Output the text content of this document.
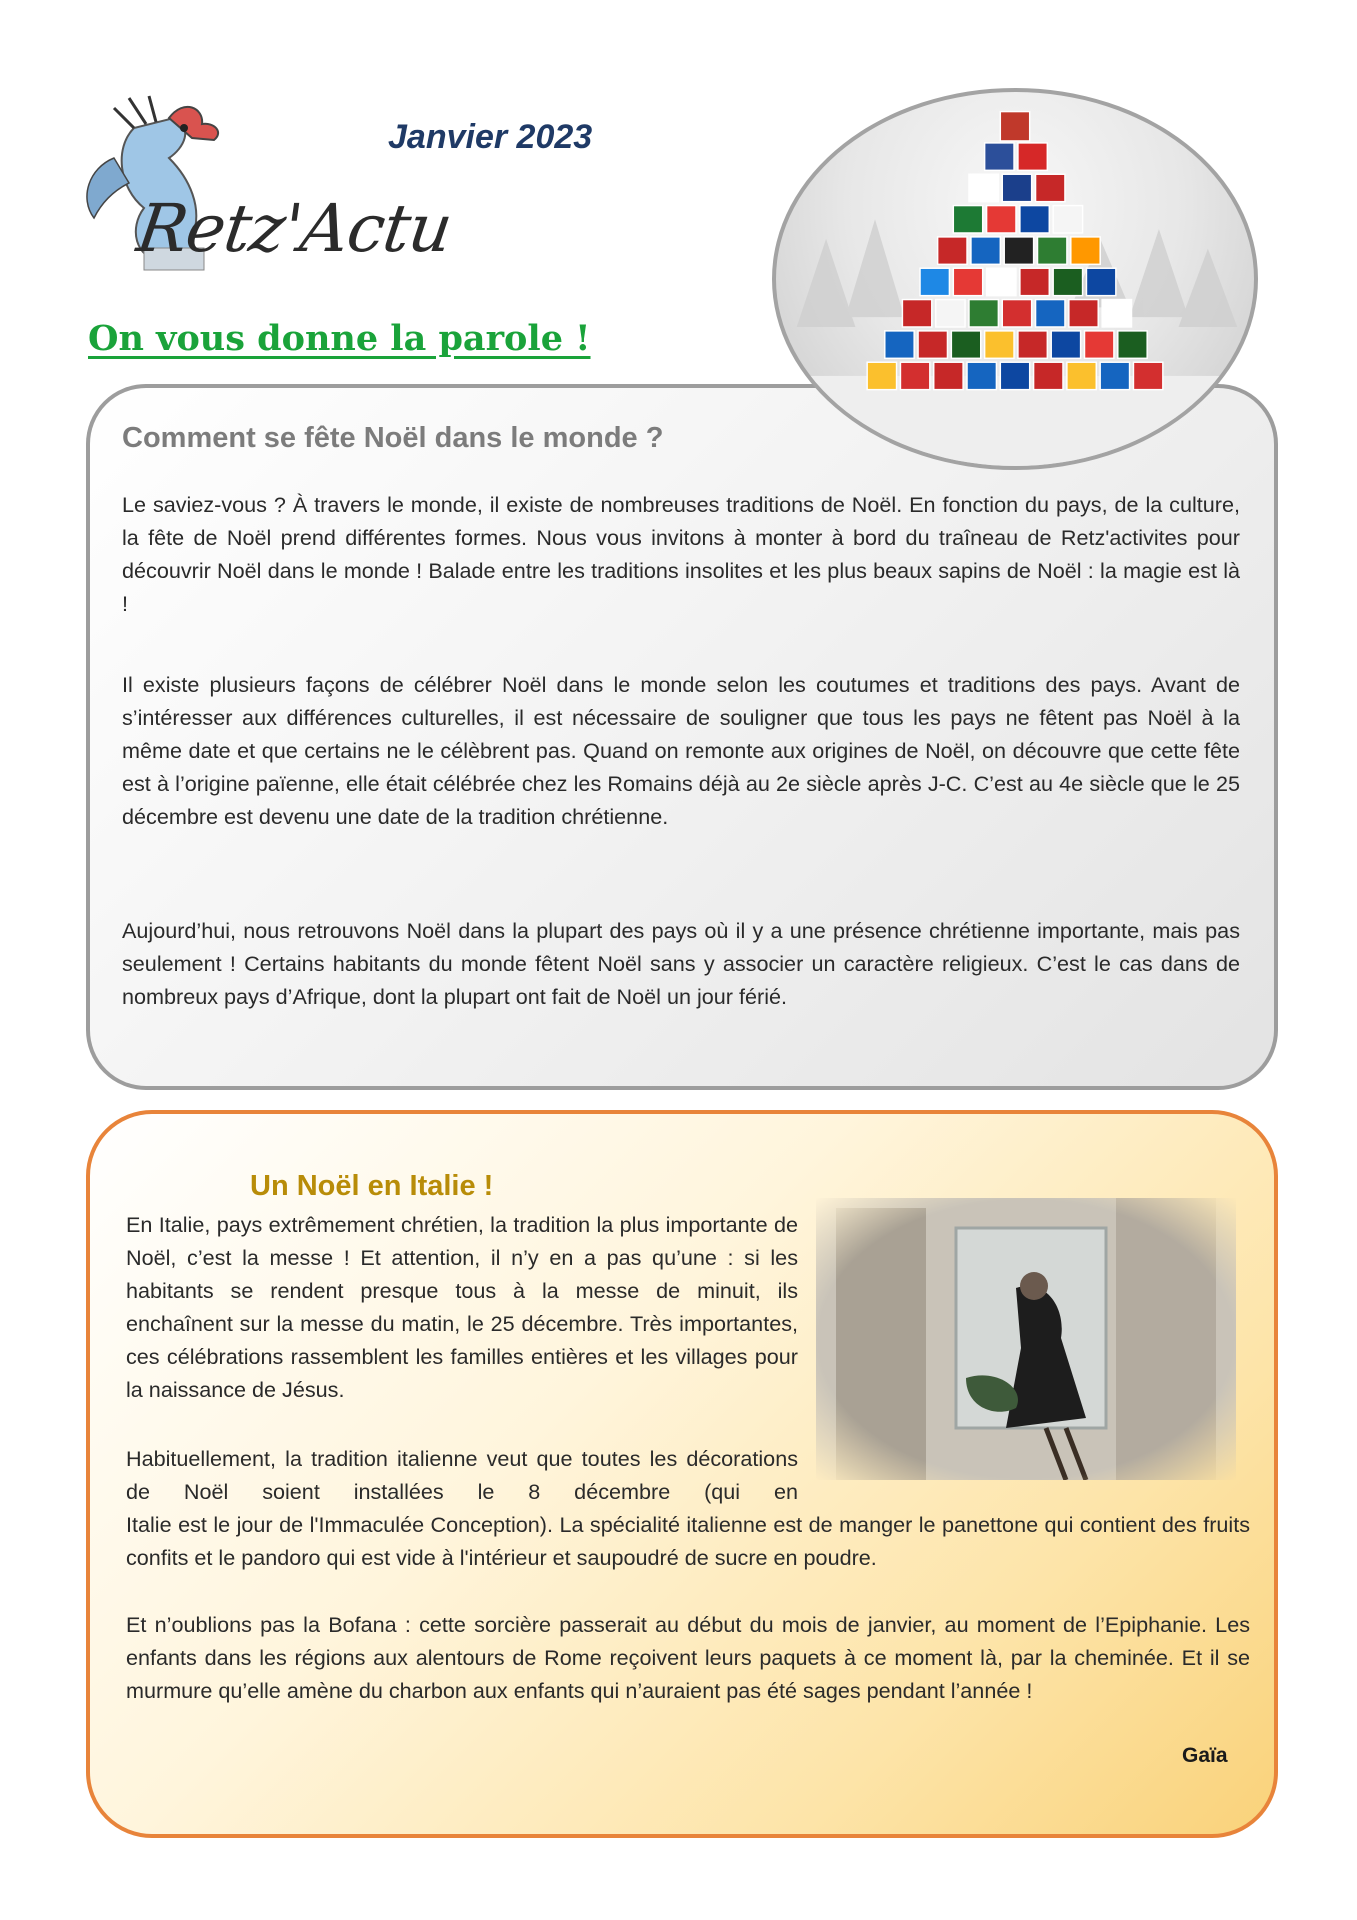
Retz'Actu
Janvier 2023
On vous donne la parole !
Comment se fête Noël dans le monde ?

Le saviez-vous ? À travers le monde, il existe de nombreuses traditions de Noël. En fonction du pays, de la culture, la fête de Noël prend différentes formes. Nous vous invitons à monter à bord du traîneau de Retz'activites pour découvrir Noël dans le monde ! Balade entre les traditions insolites et les plus beaux sapins de Noël : la magie est là !

Il existe plusieurs façons de célébrer Noël dans le monde selon les coutumes et traditions des pays. Avant de s’intéresser aux différences culturelles, il est nécessaire de souligner que tous les pays ne fêtent pas Noël à la même date et que certains ne le célèbrent pas. Quand on remonte aux origines de Noël, on découvre que cette fête est à l’origine païenne, elle était célébrée chez les Romains déjà au 2e siècle après J-C. C’est au 4e siècle que le 25 décembre est devenu une date de la tradition chrétienne.

Aujourd’hui, nous retrouvons Noël dans la plupart des pays où il y a une présence chrétienne importante, mais pas seulement ! Certains habitants du monde fêtent Noël sans y associer un caractère religieux. C’est le cas dans de nombreux pays d’Afrique, dont la plupart ont fait de Noël un jour férié.

Un Noël en Italie !

En Italie, pays extrêmement chrétien, la tradition la plus importante de Noël, c’est la messe ! Et attention, il n’y en a pas qu’une : si les habitants se rendent presque tous à la messe de minuit, ils enchaînent sur la messe du matin, le 25 décembre. Très importantes, ces célébrations rassemblent les familles entières et les villages pour la naissance de Jésus.

Habituellement, la tradition italienne veut que toutes les décorations de Noël soient installées le 8 décembre (qui en

Italie est le jour de l'Immaculée Conception). La spécialité italienne est de manger le panettone qui contient des fruits confits et le pandoro qui est vide à l'intérieur et saupoudré de sucre en poudre.

Et n’oublions pas la Bofana : cette sorcière passerait au début du mois de janvier, au moment de l’Epiphanie. Les enfants dans les régions aux alentours de Rome reçoivent leurs paquets à ce moment là, par la cheminée. Et il se murmure qu’elle amène du charbon aux enfants qui n’auraient pas été sages pendant l’année !

Gaïa
